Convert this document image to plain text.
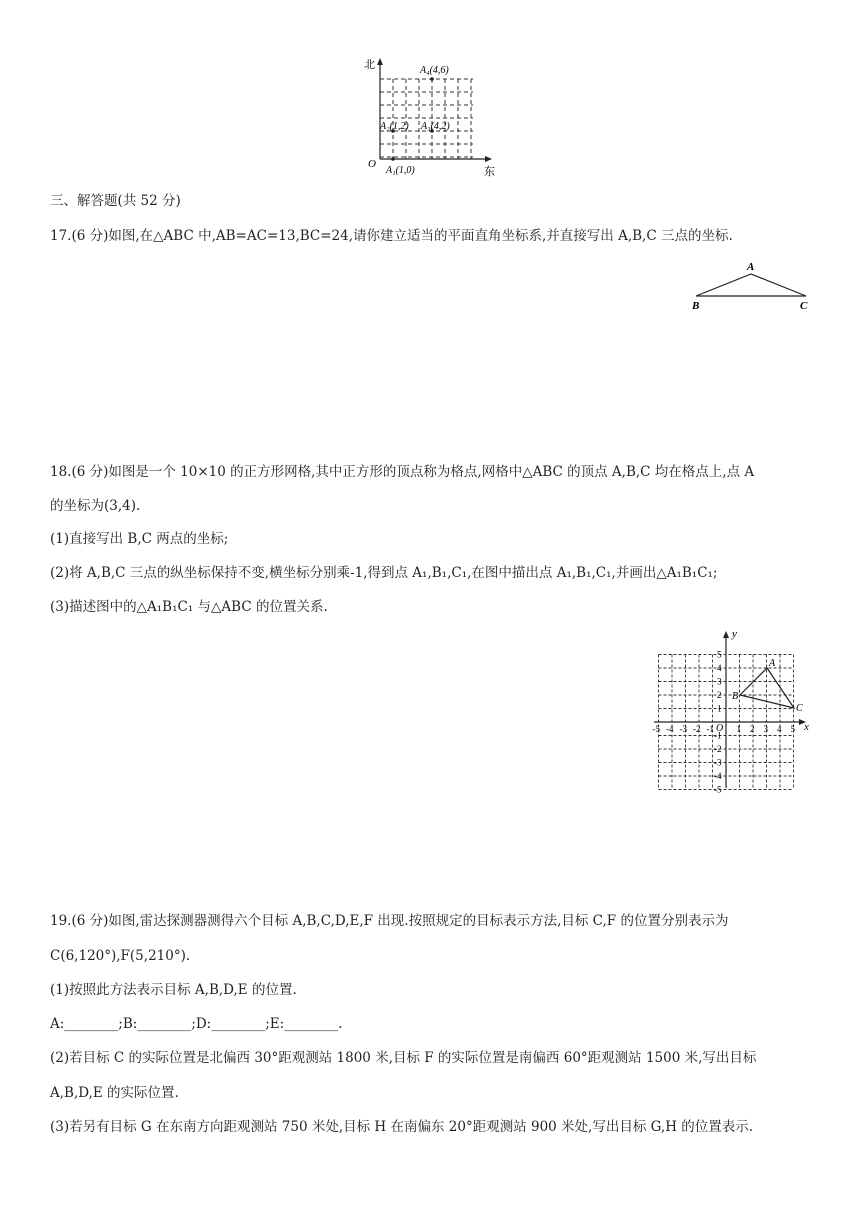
北
东
O
A₄(4,6)
A₂(1,2) A₃(4,2)
A₁(1,0)
三、解答题(共 52 分)
17.(6 分)如图,在△ABC 中,AB=AC=13,BC=24,请你建立适当的平面直角坐标系,并直接写出 A,B,C 三点的坐标.
A
B	C
18.(6 分)如图是一个 10×10 的正方形网格,其中正方形的顶点称为格点,网格中△ABC 的顶点 A,B,C 均在格点上,点 A
的坐标为(3,4).
(1)直接写出 B,C 两点的坐标;
(2)将 A,B,C 三点的纵坐标保持不变,横坐标分别乘-1,得到点 A₁,B₁,C₁,在图中描出点 A₁,B₁,C₁,并画出△A₁B₁C₁;
(3)描述图中的△A₁B₁C₁ 与△ABC 的位置关系.
x
y
O
A
B
C
-5 -4 -3 -2 -1	1 2 3 4 5
5
4
3
2
1
-1
-2
-3
-4
-5
19.(6 分)如图,雷达探测器测得六个目标 A,B,C,D,E,F 出现.按照规定的目标表示方法,目标 C,F 的位置分别表示为
C(6,120°),F(5,210°).
(1)按照此方法表示目标 A,B,D,E 的位置.
A:________;B:________;D:________;E:________.
(2)若目标 C 的实际位置是北偏西 30°距观测站 1800 米,目标 F 的实际位置是南偏西 60°距观测站 1500 米,写出目标
A,B,D,E 的实际位置.
(3)若另有目标 G 在东南方向距观测站 750 米处,目标 H 在南偏东 20°距观测站 900 米处,写出目标 G,H 的位置表示.
